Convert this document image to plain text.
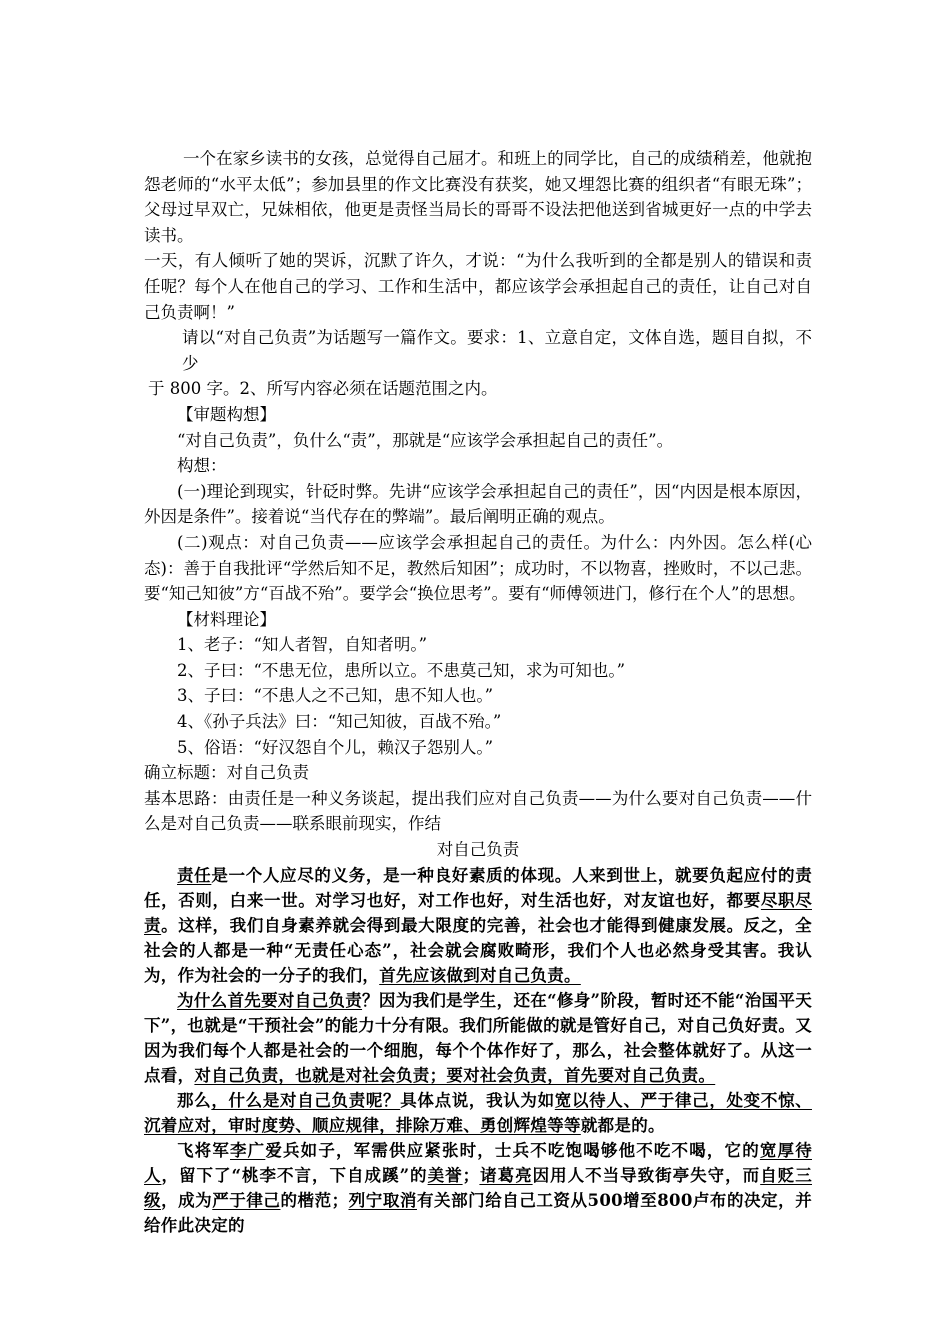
一个在家乡读书的女孩，总觉得自己屈才。和班上的同学比，自己的成绩稍差，他就抱怨老师的“水平太低”；参加县里的作文比赛没有获奖，她又埋怨比赛的组织者“有眼无珠”；父母过早双亡，兄妹相依，他更是责怪当局长的哥哥不设法把他送到省城更好一点的中学去读书。

一天，有人倾听了她的哭诉，沉默了许久，才说：“为什么我听到的全都是别人的错误和责任呢？每个人在他自己的学习、工作和生活中，都应该学会承担起自己的责任，让自己对自己负责啊！”

请以“对自己负责”为话题写一篇作文。要求：1、立意自定，文体自选，题目自拟，不少

于 800 字。2、所写内容必须在话题范围之内。

【审题构想】

“对自己负责”，负什么“责”，那就是“应该学会承担起自己的责任”。

构想：

(一)理论到现实，针砭时弊。先讲“应该学会承担起自己的责任”，因“内因是根本原因，外因是条件”。接着说“当代存在的弊端”。最后阐明正确的观点。

(二)观点：对自己负责——应该学会承担起自己的责任。为什么：内外因。怎么样(心态)：善于自我批评“学然后知不足，教然后知困”；成功时，不以物喜，挫败时，不以己悲。要“知己知彼”方“百战不殆”。要学会“换位思考”。要有“师傅领进门，修行在个人”的思想。

【材料理论】

1、老子：“知人者智，自知者明。”

2、子曰：“不患无位，患所以立。不患莫己知，求为可知也。”

3、子曰：“不患人之不己知，患不知人也。”

4、《孙子兵法》曰：“知己知彼，百战不殆。”

5、俗语：“好汉怨自个儿，赖汉子怨别人。”

确立标题：对自己负责

基本思路：由责任是一种义务谈起，提出我们应对自己负责——为什么要对自己负责——什么是对自己负责——联系眼前现实，作结

对自己负责

责任是一个人应尽的义务，是一种良好素质的体现。人来到世上，就要负起应付的责任，否则，白来一世。对学习也好，对工作也好，对生活也好，对友谊也好，都要尽职尽责。这样，我们自身素养就会得到最大限度的完善，社会也才能得到健康发展。反之，全社会的人都是一种“无责任心态”，社会就会腐败畸形，我们个人也必然身受其害。我认为，作为社会的一分子的我们，首先应该做到对自己负责。

为什么首先要对自己负责？因为我们是学生，还在“修身”阶段，暂时还不能“治国平天下”，也就是“干预社会”的能力十分有限。我们所能做的就是管好自己，对自己负好责。又因为我们每个人都是社会的一个细胞，每个个体作好了，那么，社会整体就好了。从这一点看，对自己负责，也就是对社会负责；要对社会负责，首先要对自己负责。

那么，什么是对自己负责呢？具体点说，我认为如宽以待人、严于律己，处变不惊、沉着应对，审时度势、顺应规律，排除万难、勇创辉煌等等就都是的。

飞将军李广爱兵如子，军需供应紧张时，士兵不吃饱喝够他不吃不喝，它的宽厚待人，留下了“桃李不言，下自成蹊”的美誉；诸葛亮因用人不当导致街亭失守，而自贬三级，成为严于律己的楷范；列宁取消有关部门给自己工资从500增至800卢布的决定，并给作此决定的
